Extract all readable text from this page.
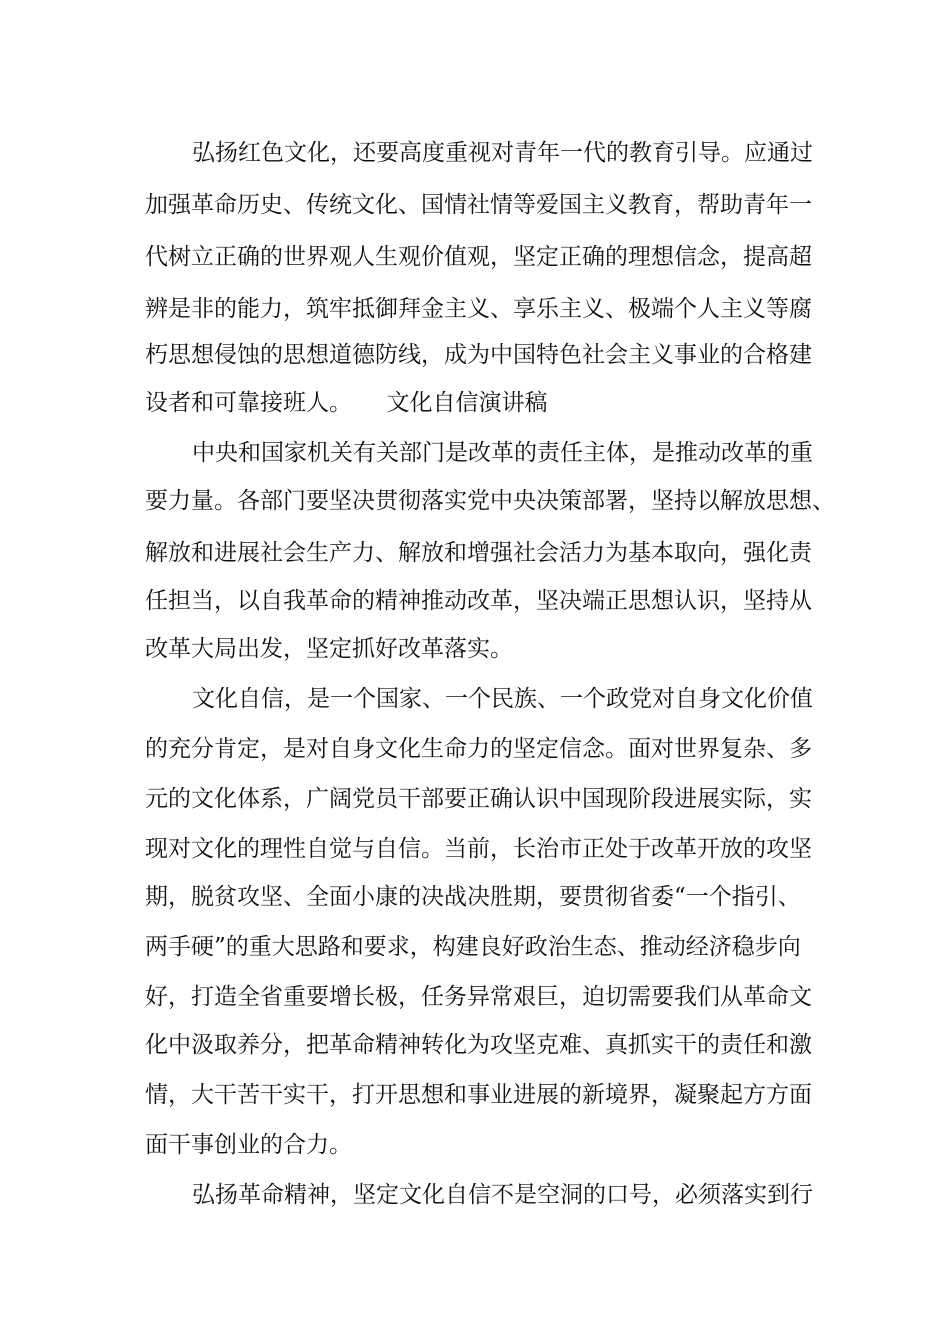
弘扬红色文化，还要高度重视对青年一代的教育引导。应通过
加强革命历史、传统文化、国情社情等爱国主义教育，帮助青年一
代树立正确的世界观人生观价值观，坚定正确的理想信念，提高超
辨是非的能力，筑牢抵御拜金主义、享乐主义、极端个人主义等腐
朽思想侵蚀的思想道德防线，成为中国特色社会主义事业的合格建
设者和可靠接班人。　　文化自信演讲稿
中央和国家机关有关部门是改革的责任主体，是推动改革的重
要力量。各部门要坚决贯彻落实党中央决策部署，坚持以解放思想、
解放和进展社会生产力、解放和增强社会活力为基本取向，强化责
任担当，以自我革命的精神推动改革，坚决端正思想认识，坚持从
改革大局出发，坚定抓好改革落实。
文化自信，是一个国家、一个民族、一个政党对自身文化价值
的充分肯定，是对自身文化生命力的坚定信念。面对世界复杂、多
元的文化体系，广阔党员干部要正确认识中国现阶段进展实际，实
现对文化的理性自觉与自信。当前，长治市正处于改革开放的攻坚
期，脱贫攻坚、全面小康的决战决胜期，要贯彻省委“一个指引、
两手硬”的重大思路和要求，构建良好政治生态、推动经济稳步向
好，打造全省重要增长极，任务异常艰巨，迫切需要我们从革命文
化中汲取养分，把革命精神转化为攻坚克难、真抓实干的责任和激
情，大干苦干实干，打开思想和事业进展的新境界，凝聚起方方面
面干事创业的合力。
弘扬革命精神，坚定文化自信不是空洞的口号，必须落实到行
